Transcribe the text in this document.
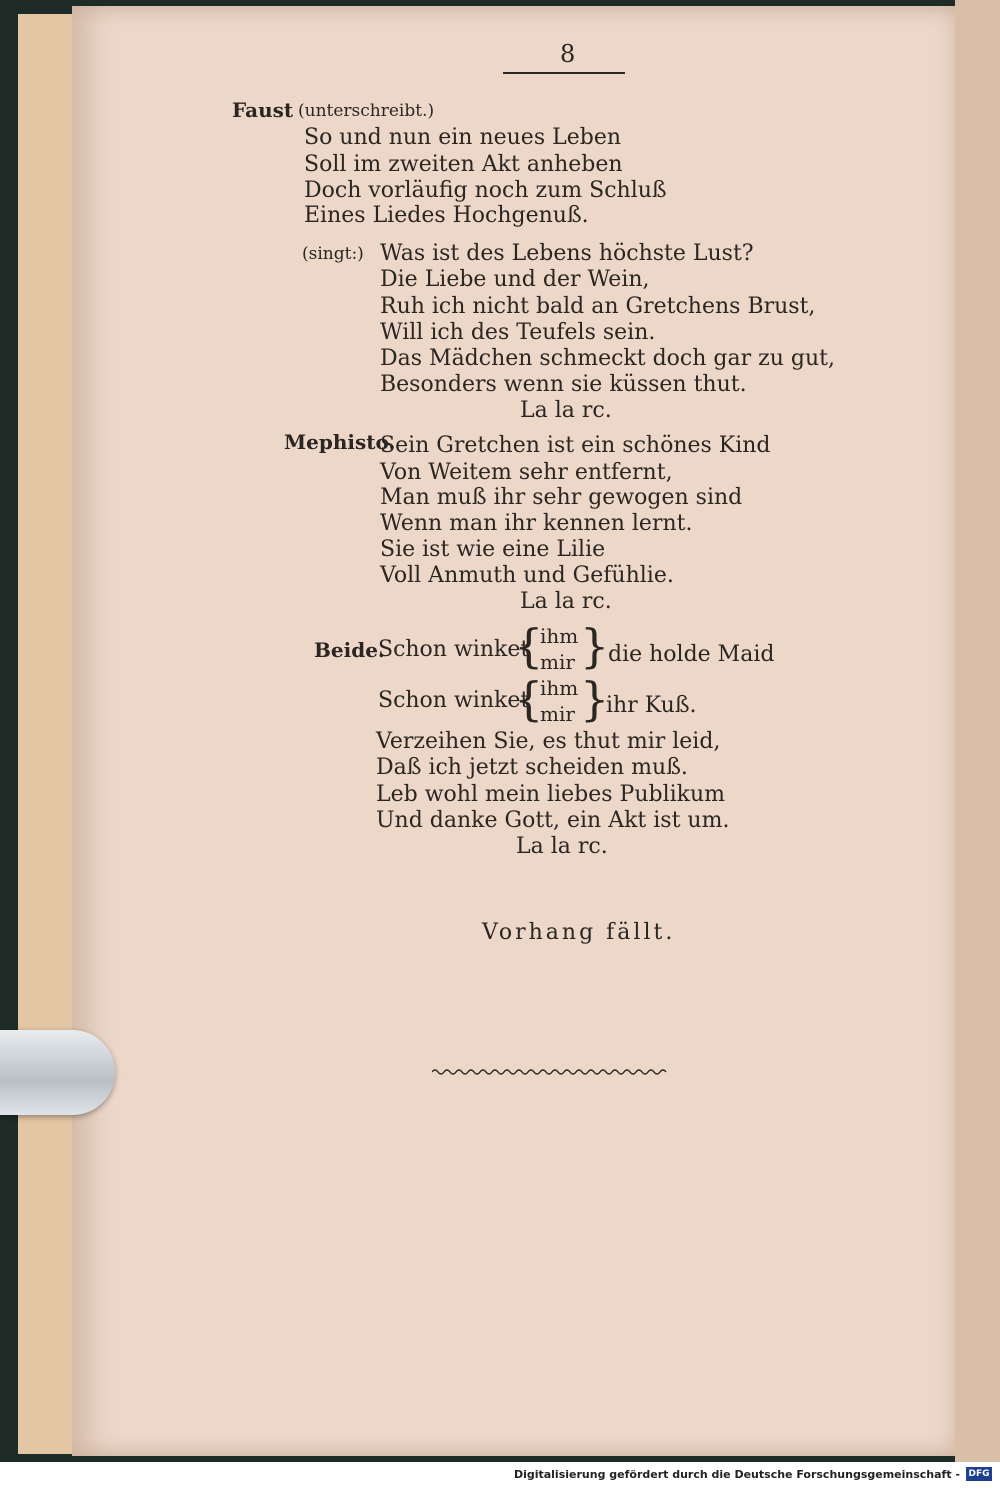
8
Faust (unterschreibt.)
So und nun ein neues Leben
Soll im zweiten Akt anheben
Doch vorläufig noch zum Schluß
Eines Liedes Hochgenuß.
(singt:) Was ist des Lebens höchste Lust?
Die Liebe und der Wein,
Ruh ich nicht bald an Gretchens Brust,
Will ich des Teufels sein.
Das Mädchen schmeckt doch gar zu gut,
Besonders wenn sie küssen thut.
La la rc.
Mephisto.
Sein Gretchen ist ein schönes Kind
Von Weitem sehr entfernt,
Man muß ihr sehr gewogen sind
Wenn man ihr kennen lernt.
Sie ist wie eine Lilie
Voll Anmuth und Gefühlie.
La la rc.
Beide.
Schon winket
{
ihm
mir }
die holde Maid
Schon winket
{
ihm
mir }
ihr Kuß.
Verzeihen Sie, es thut mir leid,
Daß ich jetzt scheiden muß.
Leb wohl mein liebes Publikum
Und danke Gott, ein Akt ist um.
La la rc.
Vorhang fällt.
Digitalisierung gefördert durch die Deutsche Forschungsgemeinschaft - DFG
